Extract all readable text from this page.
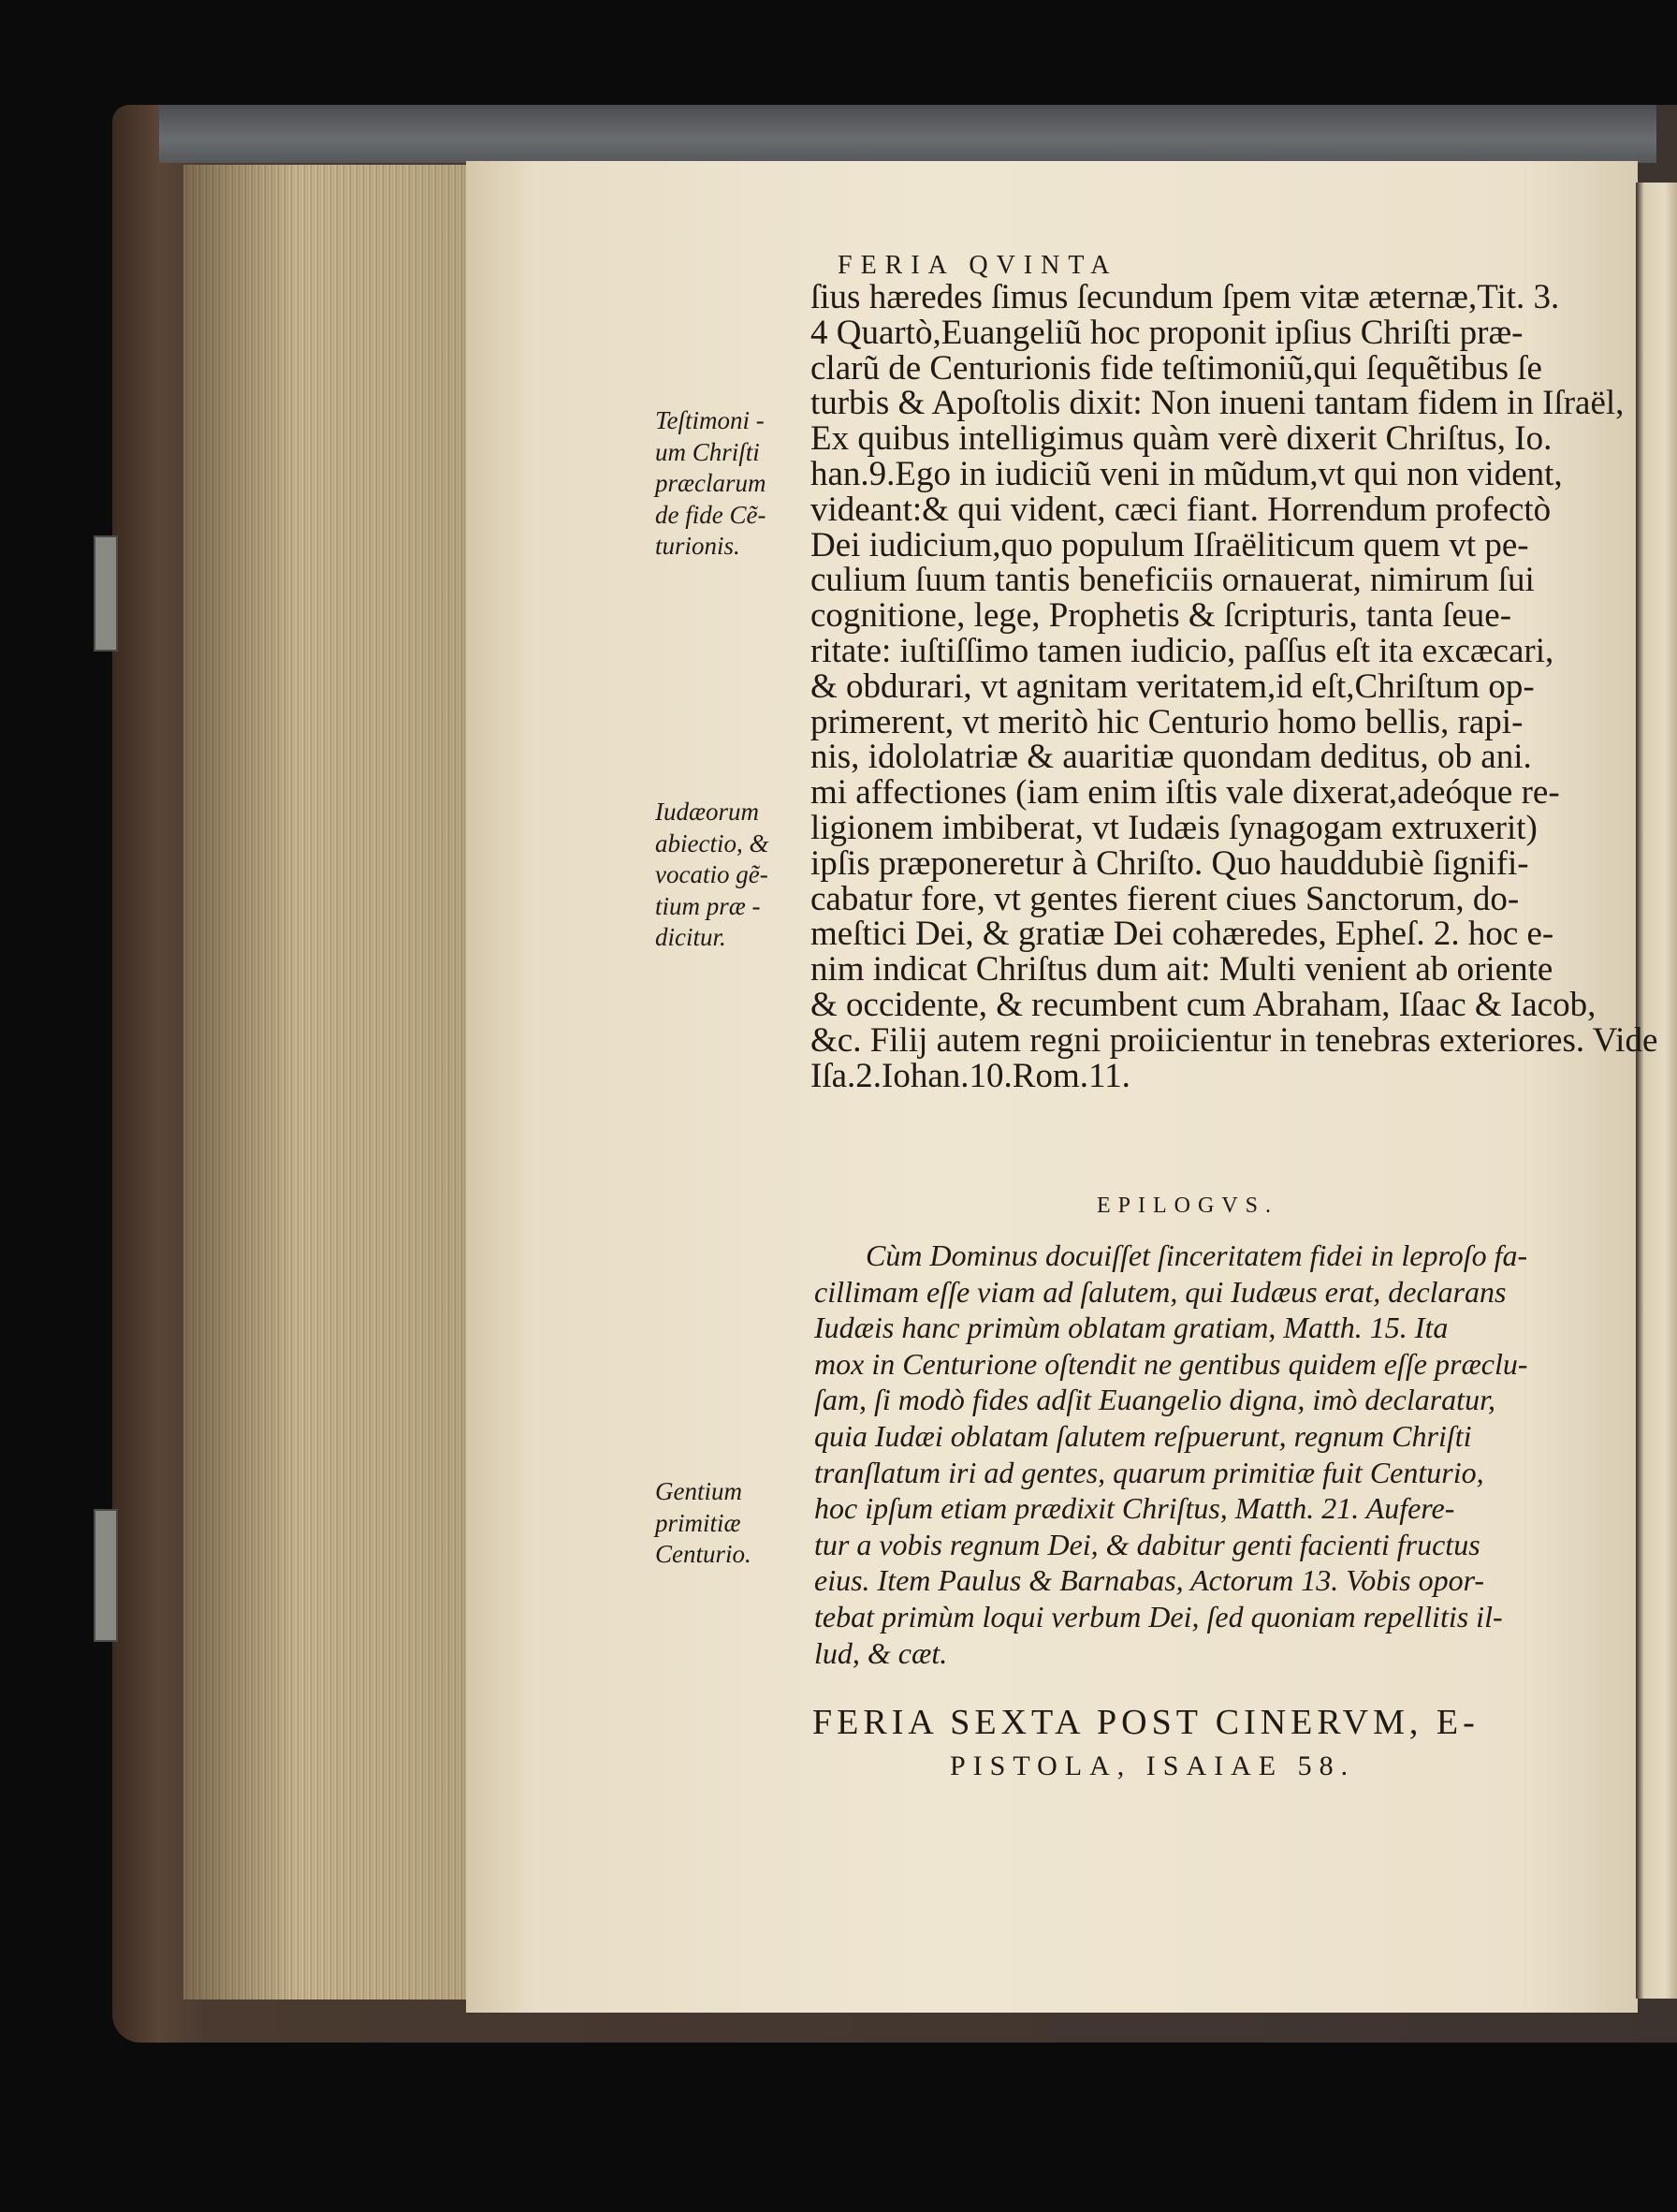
FERIA QVINTA
ſius hæredes ſimus ſecundum ſpem vitæ æternæ,Tit. 3.
4 Quartò,Euangeliũ hoc proponit ipſius Chriſti præ-
clarũ de Centurionis fide teſtimoniũ,qui ſequẽtibus ſe
turbis & Apoſtolis dixit: Non inueni tantam fidem in Iſraël,
Ex quibus intelligimus quàm verè dixerit Chriſtus, Io.
han.9.Ego in iudiciũ veni in mũdum,vt qui non vident,
videant:& qui vident, cæci fiant. Horrendum profectò
Dei iudicium,quo populum Iſraëliticum quem vt pe-
culium ſuum tantis beneficiis ornauerat, nimirum ſui
cognitione, lege, Prophetis & ſcripturis, tanta ſeue-
ritate: iuſtiſſimo tamen iudicio, paſſus eſt ita excæcari,
& obdurari, vt agnitam veritatem,id eſt,Chriſtum op-
primerent, vt meritò hic Centurio homo bellis, rapi-
nis, idololatriæ & auaritiæ quondam deditus, ob ani.
mi affectiones (iam enim iſtis vale dixerat,adeóque re-
ligionem imbiberat, vt Iudæis ſynagogam extruxerit)
ipſis præponeretur à Chriſto. Quo hauddubiè ſignifi-
cabatur fore, vt gentes fierent ciues Sanctorum, do-
meſtici Dei, & gratiæ Dei cohæredes, Epheſ. 2. hoc e-
nim indicat Chriſtus dum ait: Multi venient ab oriente
& occidente, & recumbent cum Abraham, Iſaac & Iacob,
&c. Filij autem regni proiicientur in tenebras exteriores. Vide
Iſa.2.Iohan.10.Rom.11.
Teſtimoni -
um Chriſti
præclarum
de fide Cẽ-
turionis.
Iudæorum
abiectio, &
vocatio gẽ-
tium præ -
dicitur.
Gentium
primitiæ
Centurio.
EPILOGVS.
Cùm Dominus docuiſſet ſinceritatem fidei in leproſo fa-
cillimam eſſe viam ad ſalutem, qui Iudæus erat, declarans
Iudæis hanc primùm oblatam gratiam, Matth. 15. Ita
mox in Centurione oſtendit ne gentibus quidem eſſe præclu-
ſam, ſi modò fides adſit Euangelio digna, imò declaratur,
quia Iudæi oblatam ſalutem reſpuerunt, regnum Chriſti
tranſlatum iri ad gentes, quarum primitiæ fuit Centurio,
hoc ipſum etiam prædixit Chriſtus, Matth. 21. Aufere-
tur a vobis regnum Dei, & dabitur genti facienti fructus
eius. Item Paulus & Barnabas, Actorum 13. Vobis opor-
tebat primùm loqui verbum Dei, ſed quoniam repellitis il-
lud, & cæt.
FERIA SEXTA POST CINERVM, E-
PISTOLA, ISAIAE 58.
